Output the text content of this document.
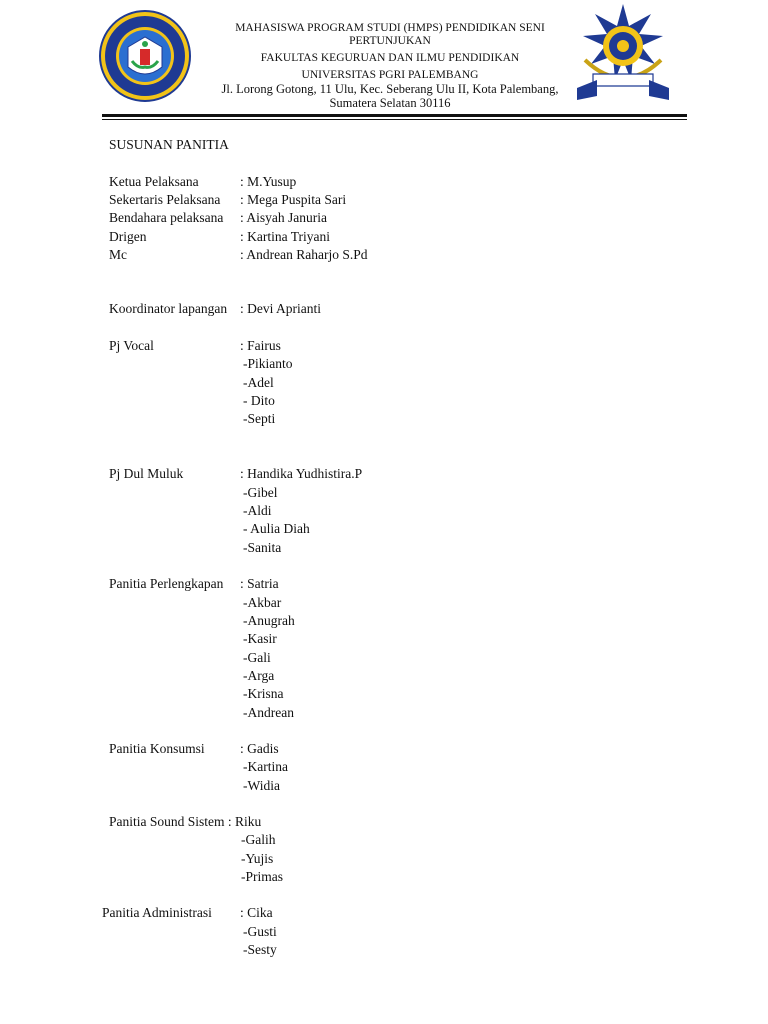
MAHASISWA PROGRAM STUDI (HMPS) PENDIDIKAN SENI
PERTUNJUKAN
FAKULTAS KEGURUAN DAN ILMU PENDIDIKAN
UNIVERSITAS PGRI PALEMBANG
Jl. Lorong Gotong, 11 Ulu, Kec. Seberang Ulu II, Kota Palembang,
Sumatera Selatan 30116
SUSUNAN PANITIA
Ketua Pelaksana	: M.Yusup
Sekertaris Pelaksana : Mega Puspita Sari
Bendahara pelaksana : Aisyah Januria
Drigen	: Kartina Triyani
Mc	: Andrean Raharjo S.Pd
Koordinator lapangan : Devi Aprianti
Pj Vocal	: Fairus
-Pikianto
-Adel
- Dito
-Septi
Pj Dul Muluk	: Handika Yudhistira.P
-Gibel
-Aldi
- Aulia Diah
-Sanita
Panitia Perlengkapan : Satria
-Akbar
-Anugrah
-Kasir
-Gali
-Arga
-Krisna
-Andrean
Panitia Konsumsi	: Gadis
-Kartina
-Widia
Panitia Sound Sistem : Riku
-Galih
-Yujis
-Primas
Panitia Administrasi : Cika
-Gusti
-Sesty
